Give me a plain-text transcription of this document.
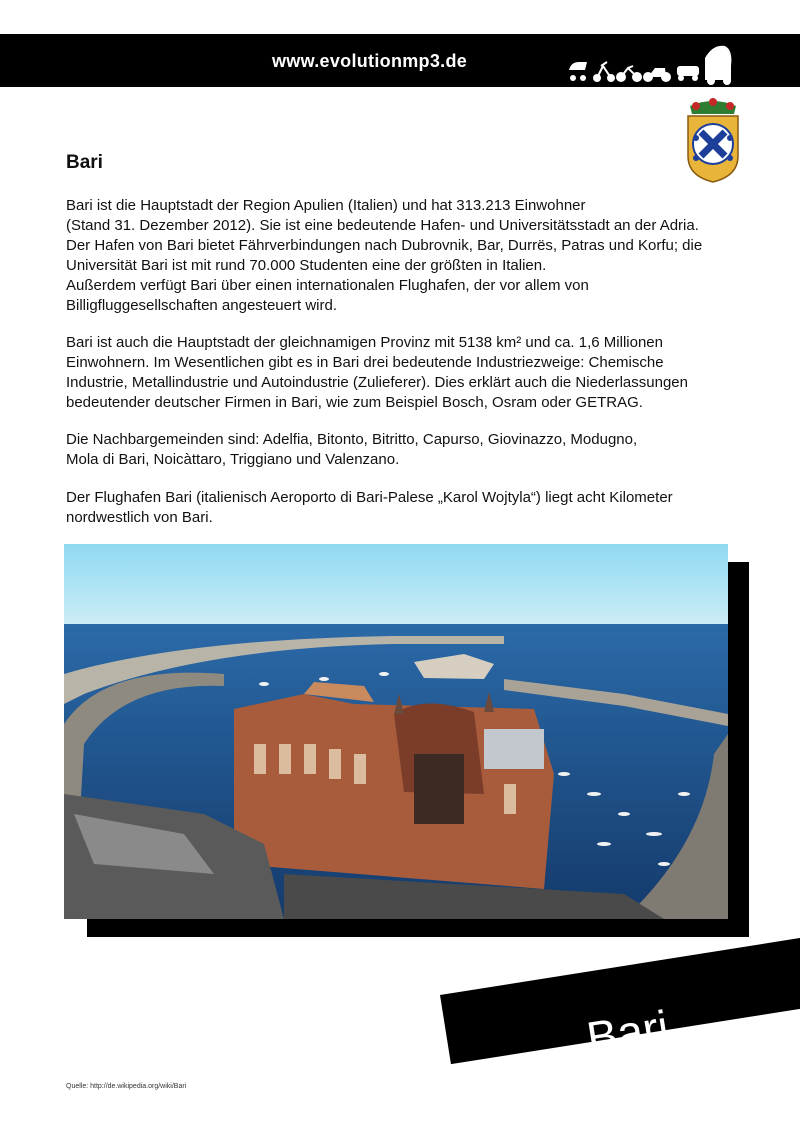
www.evolutionmp3.de
Bari

Bari ist die Hauptstadt der Region Apulien (Italien) und hat 313.213 Einwohner
(Stand 31. Dezember 2012). Sie ist eine bedeutende Hafen- und Universitätsstadt an der Adria.
Der Hafen von Bari bietet Fährverbindungen nach Dubrovnik, Bar, Durrës, Patras und Korfu; die
Universität Bari ist mit rund 70.000 Studenten eine der größten in Italien.
Außerdem verfügt Bari über einen internationalen Flughafen, der vor allem von
Billigfluggesellschaften angesteuert wird.

Bari ist auch die Hauptstadt der gleichnamigen Provinz mit 5138 km² und ca. 1,6 Millionen
Einwohnern. Im Wesentlichen gibt es in Bari drei bedeutende Industriezweige: Chemische
Industrie, Metallindustrie und Autoindustrie (Zulieferer). Dies erklärt auch die Niederlassungen
bedeutender deutscher Firmen in Bari, wie zum Beispiel Bosch, Osram oder GETRAG.

Die Nachbargemeinden sind: Adelfia, Bitonto, Bitritto, Capurso, Giovinazzo, Modugno,
Mola di Bari, Noicàttaro, Triggiano und Valenzano.

Der Flughafen Bari (italienisch Aeroporto di Bari-Palese „Karol Wojtyla“) liegt acht Kilometer
nordwestlich von Bari.

Bari
Quelle: http://de.wikipedia.org/wiki/Bari
